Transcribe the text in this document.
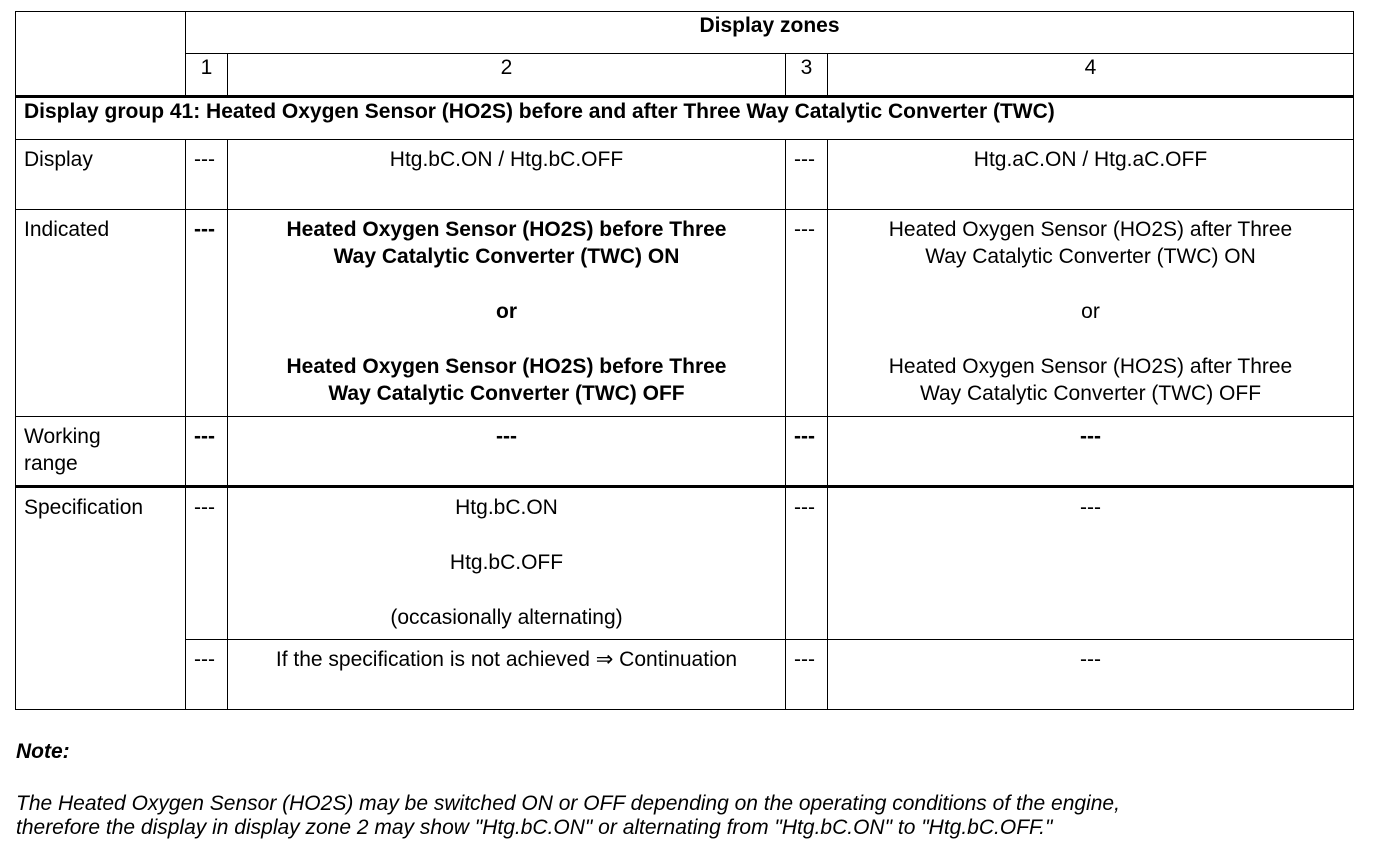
	Display zones			
	1	2	3	4
Display group 41: Heated Oxygen Sensor (HO2S) before and after Three Way Catalytic Converter (TWC)				
Display	---	Htg.bC.ON / Htg.bC.OFF	---	Htg.aC.ON / Htg.aC.OFF
Indicated	---	Heated Oxygen Sensor (HO2S) before Three
Way Catalytic Converter (TWC) ON
or
Heated Oxygen Sensor (HO2S) before Three
Way Catalytic Converter (TWC) OFF	---	Heated Oxygen Sensor (HO2S) after Three
Way Catalytic Converter (TWC) ON
or
Heated Oxygen Sensor (HO2S) after Three
Way Catalytic Converter (TWC) OFF

Working
range	---	---	---	---
Specification	---	Htg.bC.ON
Htg.bC.OFF
(occasionally alternating)	---	---
	---	If the specification is not achieved ⇒ Continuation	---	---
Note:
The Heated Oxygen Sensor (HO2S) may be switched ON or OFF depending on the operating conditions of the engine,
therefore the display in display zone 2 may show "Htg.bC.ON" or alternating from "Htg.bC.ON" to "Htg.bC.OFF."
